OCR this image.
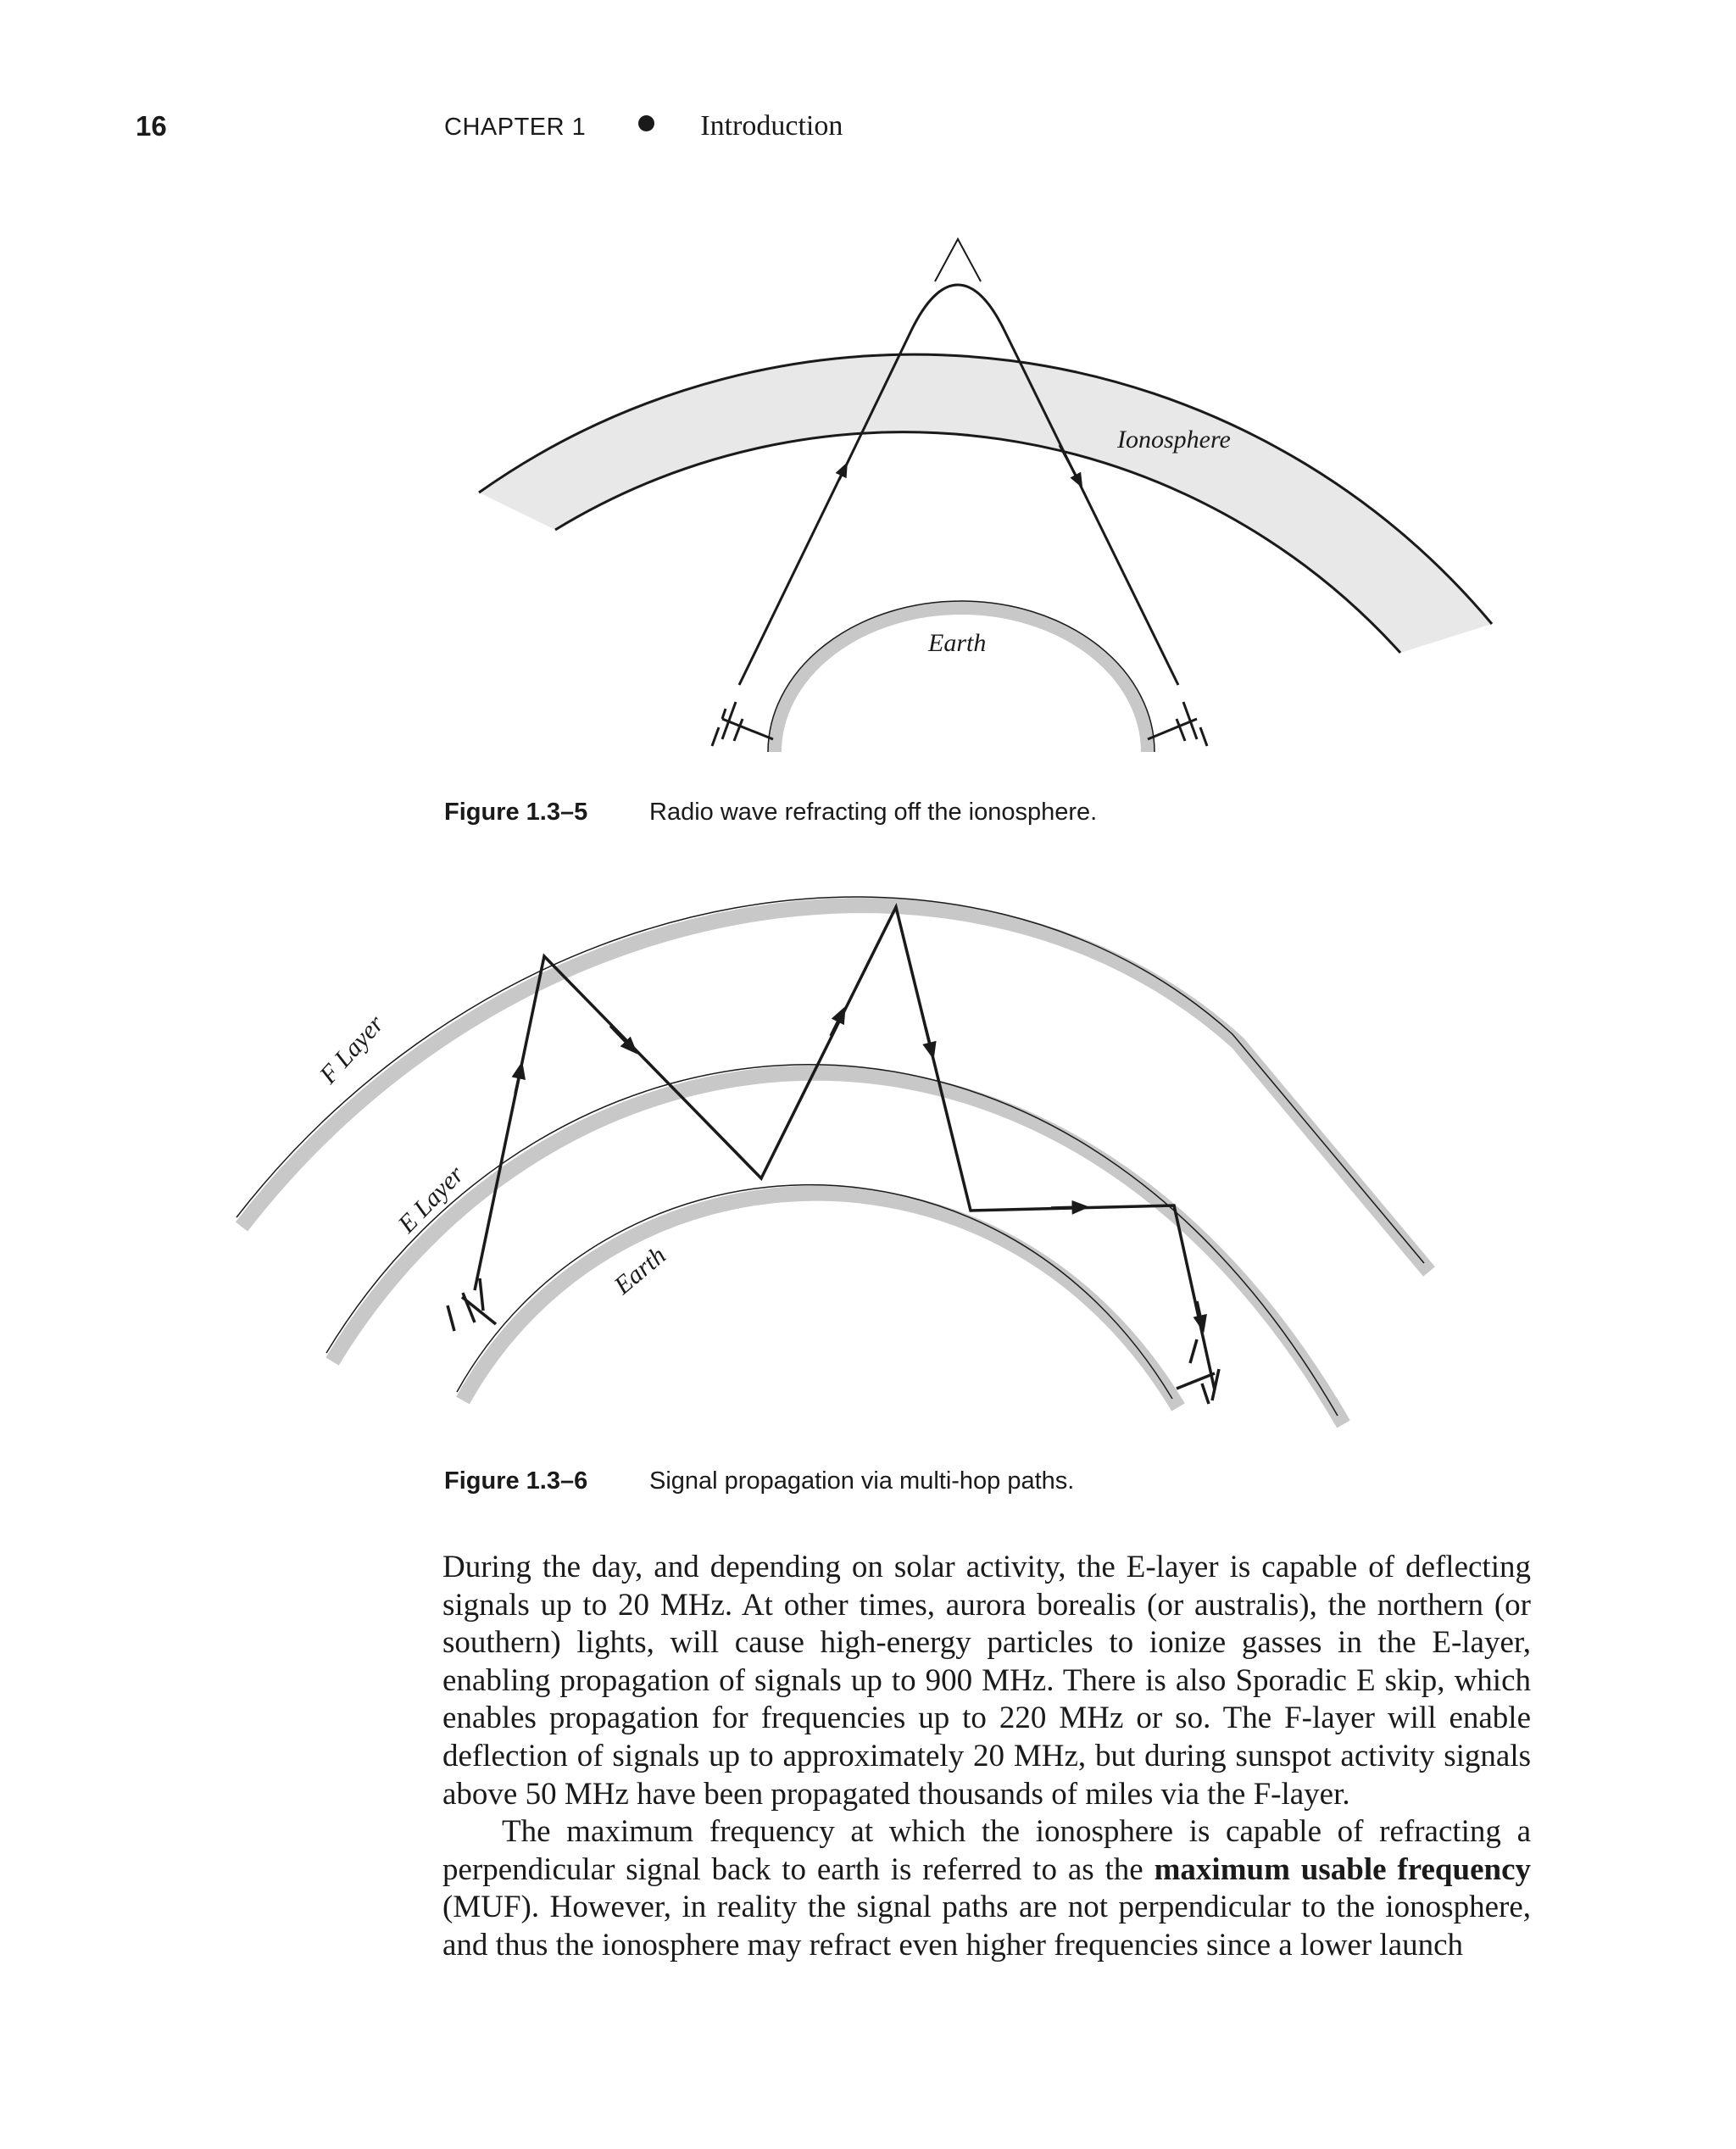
16	CHAPTER 1	Introduction
Ionosphere
Earth
Figure 1.3–5	Radio wave refracting off the ionosphere.
F Layer
E Layer
Earth
Figure 1.3–6	Signal propagation via multi-hop paths.

During the day, and depending on solar activity, the E-layer is capable of deflecting signals up to 20 MHz. At other times, aurora borealis (or australis), the northern (or southern) lights, will cause high-energy particles to ionize gasses in the E-layer, enabling propagation of signals up to 900 MHz. There is also Sporadic E skip, which enables propagation for frequencies up to 220 MHz or so. The F-layer will enable deflection of signals up to approximately 20 MHz, but during sunspot activity signals above 50 MHz have been propagated thousands of miles via the F-layer.

The maximum frequency at which the ionosphere is capable of refracting a perpendicular signal back to earth is referred to as the maximum usable frequency (MUF). However, in reality the signal paths are not perpendicular to the ionosphere, and thus the ionosphere may refract even higher frequencies since a lower launch
